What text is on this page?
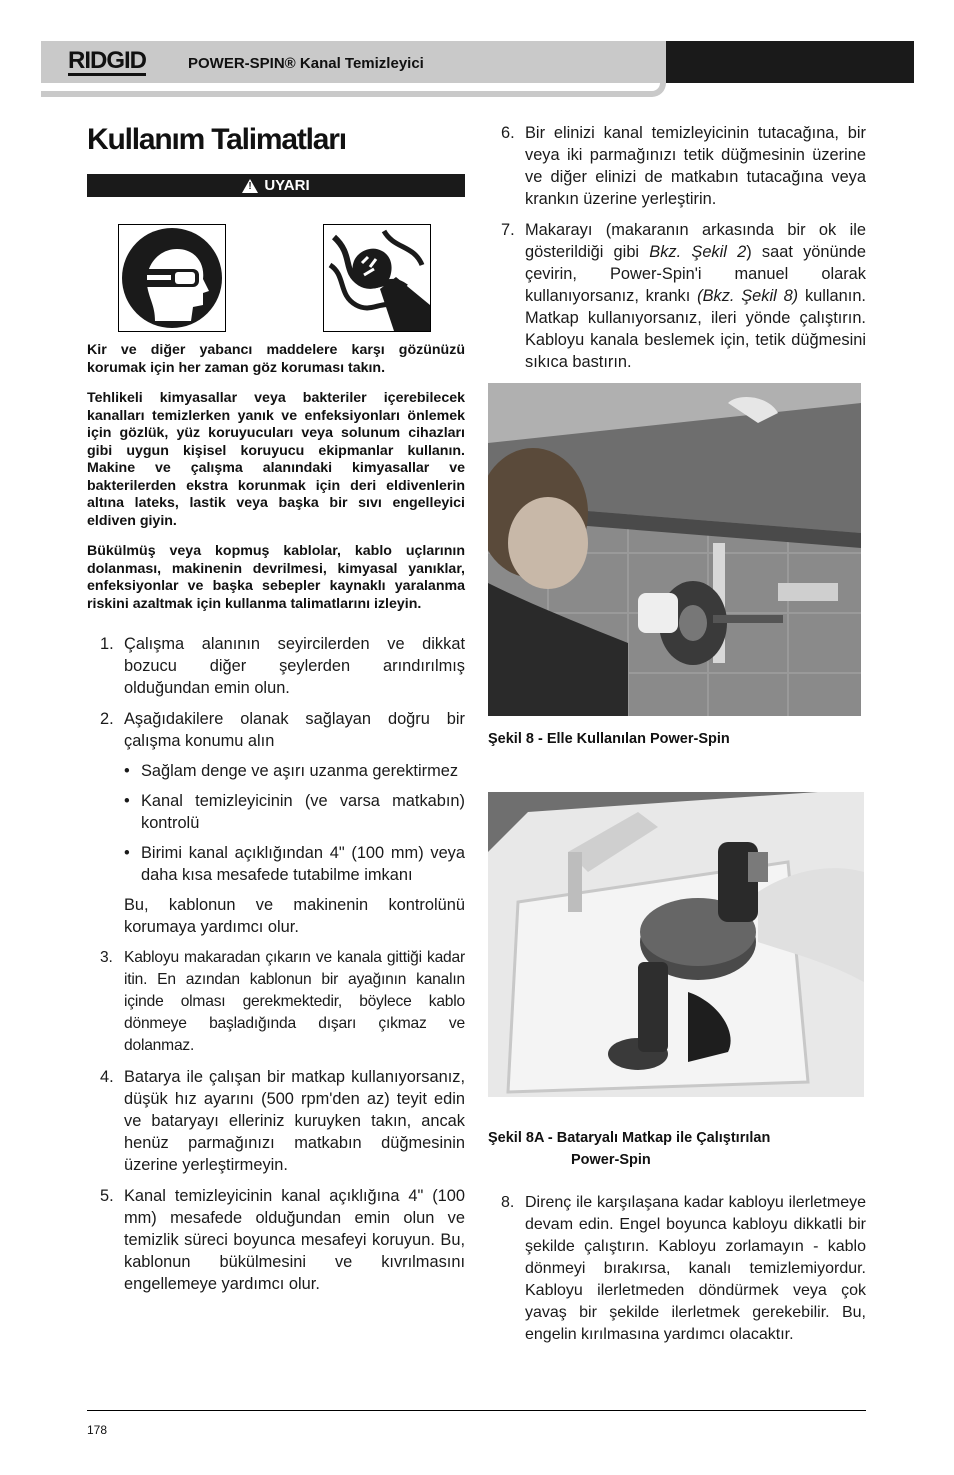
RIDGID	POWER-SPIN® Kanal Temizleyici
Kullanım Talimatları
!
UYARI

Kir ve diğer yabancı maddelere karşı gözünüzü korumak için her zaman göz koruması takın.

Tehlikeli kimyasallar veya bakteriler içerebilecek kanalları temizlerken yanık ve enfeksiyonları önlemek için gözlük, yüz koruyucuları veya solunum cihazları gibi uygun kişisel koruyucu ekipmanlar kullanın. Makine ve çalışma alanındaki kimyasallar ve bakterilerden ekstra korunmak için deri eldivenlerin altına lateks, lastik veya başka bir sıvı engelleyici eldiven giyin.

Bükülmüş veya kopmuş kablolar, kablo uçlarının dolanması, makinenin devrilmesi, kimyasal yanıklar, enfeksiyonlar ve başka sebepler kaynaklı yaralanma riskini azaltmak için kullanma talimatlarını izleyin.

1. Çalışma alanının seyircilerden ve dikkat bozucu diğer şeylerden arındırılmış olduğundan emin olun.
2. Aşağıdakilere olanak sağlayan doğru bir çalışma konumu alın
• Sağlam denge ve aşırı uzanma gerektirmez
• Kanal temizleyicinin (ve varsa matkabın) kontrolü
• Birimi kanal açıklığından 4" (100 mm) veya daha kısa mesafede tutabilme imkanı
Bu, kablonun ve makinenin kontrolünü korumaya yardımcı olur.
3. Kabloyu makaradan çıkarın ve kanala gittiği kadar itin. En azından kablonun bir ayağının kanalın içinde olması gerekmektedir, böylece kablo dönmeye başladığında dışarı çıkmaz ve dolanmaz.
4. Batarya ile çalışan bir matkap kullanıyorsanız, düşük hız ayarını (500 rpm'den az) teyit edin ve bataryayı elleriniz kuruyken takın, ancak henüz parmağınızı matkabın düğmesinin üzerine yerleştirmeyin.
5. Kanal temizleyicinin kanal açıklığına 4" (100 mm) mesafede olduğundan emin olun ve temizlik süreci boyunca mesafeyi koruyun. Bu, kablonun bükülmesini ve kıvrılmasını engellemeye yardımcı olur.
6. Bir elinizi kanal temizleyicinin tutacağına, bir veya iki parmağınızı tetik düğmesinin üzerine ve diğer elinizi de matkabın tutacağına veya krankın üzerine yerleştirin.
7. Makarayı (makaranın arkasında bir ok ile gösterildiği gibi Bkz. Şekil 2) saat yönünde çevirin, Power-Spin'i manuel olarak kullanıyorsanız, krankı (Bkz. Şekil 8) kullanın. Matkap kullanıyorsanız, ileri yönde çalıştırın. Kabloyu kanala beslemek için, tetik düğmesini sıkıca bastırın.
Şekil 8 - Elle Kullanılan Power-Spin
Şekil 8A - Bataryalı Matkap ile Çalıştırılan
Power-Spin
8. Direnç ile karşılaşana kadar kabloyu ilerletmeye devam edin. Engel boyunca kabloyu dikkatli bir şekilde çalıştırın. Kabloyu zorlamayın - kablo dönmeyi bırakırsa, kanalı temizlemiyordur. Kabloyu ilerletmeden döndürmek veya çok yavaş bir şekilde ilerletmek gerekebilir. Bu, engelin kırılmasına yardımcı olacaktır.
178
